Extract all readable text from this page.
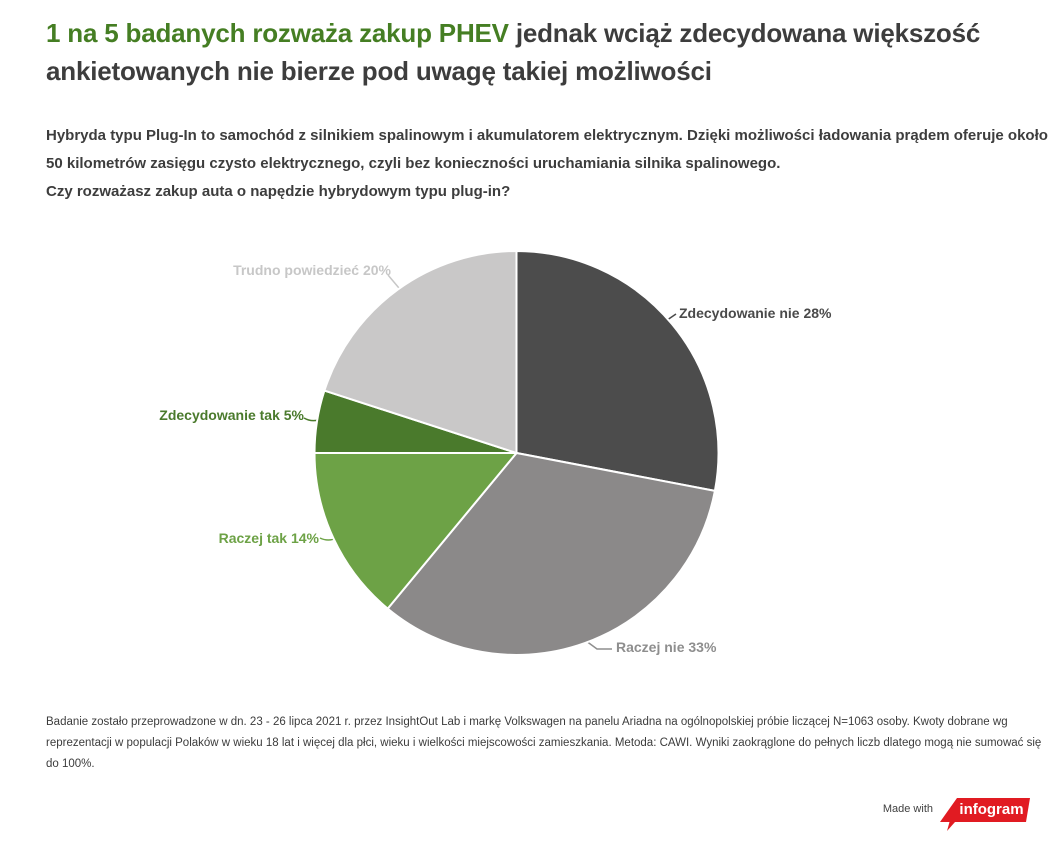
1 na 5 badanych rozważa zakup PHEV jednak wciąż zdecydowana większość ankietowanych nie bierze pod uwagę takiej możliwości

Hybryda typu Plug-In to samochód z silnikiem spalinowym i akumulatorem elektrycznym. Dzięki możliwości ładowania prądem oferuje około 50 kilometrów zasięgu czysto elektrycznego, czyli bez konieczności uruchamiania silnika spalinowego.

Czy rozważasz zakup auta o napędzie hybrydowym typu plug-in?

Zdecydowanie nie 28%
Raczej nie 33%
Raczej tak 14%
Zdecydowanie tak 5%
Trudno powiedzieć 20%

Badanie zostało przeprowadzone w dn. 23 - 26 lipca 2021 r. przez InsightOut Lab i markę Volkswagen na panelu Ariadna na ogólnopolskiej próbie liczącej N=1063 osoby. Kwoty dobrane wg reprezentacji w populacji Polaków w wieku 18 lat i więcej dla płci, wieku i wielkości miejscowości zamieszkania. Metoda: CAWI. Wyniki zaokrąglone do pełnych liczb dlatego mogą nie sumować się do 100%.

Made with	infogram
